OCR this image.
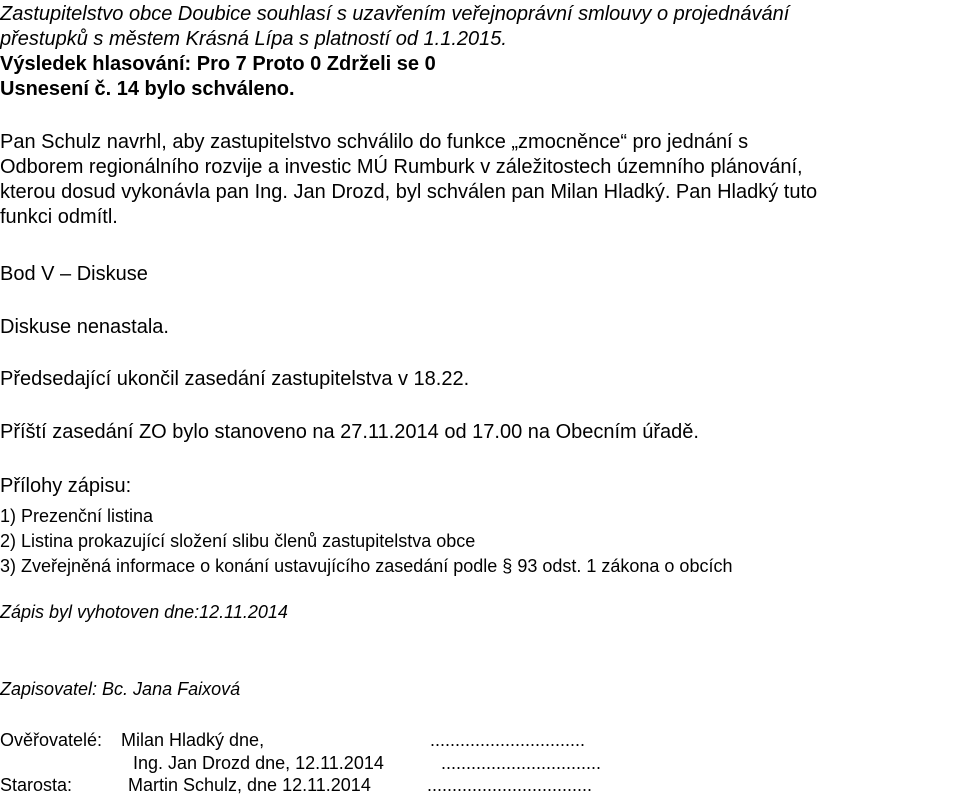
Zastupitelstvo obce Doubice souhlasí s uzavřením veřejnoprávní smlouvy o projednávání
přestupků s městem Krásná Lípa s platností od 1.1.2015.
Výsledek hlasování: Pro 7 Proto 0 Zdrželi se 0
Usnesení č. 14 bylo schváleno.
Pan Schulz navrhl, aby zastupitelstvo schválilo do funkce „zmocněnce“ pro jednání s
Odborem regionálního rozvije a investic MÚ Rumburk v záležitostech územního plánování,
kterou dosud vykonávla pan Ing. Jan Drozd, byl schválen pan Milan Hladký. Pan Hladký tuto
funkci odmítl.
Bod V – Diskuse
Diskuse nenastala.
Předsedající ukončil zasedání zastupitelstva v 18.22.
Příští zasedání ZO bylo stanoveno na 27.11.2014 od 17.00 na Obecním úřadě.
Přílohy zápisu:
1) Prezenční listina
2) Listina prokazující složení slibu členů zastupitelstva obce
3) Zveřejněná informace o konání ustavujícího zasedání podle § 93 odst. 1 zákona o obcích
Zápis byl vyhotoven dne:12.11.2014
Zapisovatel: Bc. Jana Faixová
Ověřovatelé: Milan Hladký dne,	...............................
Ing. Jan Drozd dne, 12.11.2014	................................
Starosta:	Martin Schulz, dne 12.11.2014	.................................
